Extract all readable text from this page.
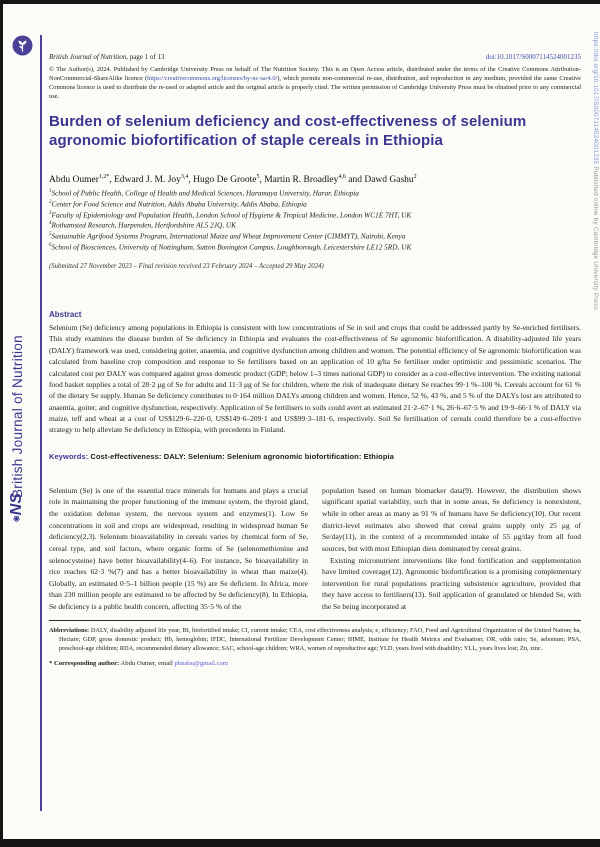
British Journal of Nutrition
❀NS
https://doi.org/10.1017/S0007114524001235 Published online by Cambridge University Press
British Journal of Nutrition, page 1 of 13	doi:10.1017/S0007114524001235
© The Author(s), 2024. Published by Cambridge University Press on behalf of The Nutrition Society. This is an Open Access article, distributed under the terms of the Creative Commons Attribution-NonCommercial-ShareAlike licence (https://creativecommons.org/licenses/by-nc-sa/4.0/), which permits non-commercial re-use, distribution, and reproduction in any medium, provided the same Creative Commons licence is used to distribute the re-used or adapted article and the original article is properly cited. The written permission of Cambridge University Press must be obtained prior to any commercial use.
Burden of selenium deficiency and cost-effectiveness of selenium agronomic biofortification of staple cereals in Ethiopia
Abdu Oumer$^{1,2*}$, Edward J. M. Joy$^{3,4}$, Hugo De Groote$^5$, Martin R. Broadley$^{4,6}$ and Dawd Gashu$^2$
$^1$School of Public Health, College of Health and Medical Sciences, Haramaya University, Harar, Ethiopia
$^2$Center for Food Science and Nutrition, Addis Ababa University, Addis Ababa, Ethiopia
$^3$Faculty of Epidemiology and Population Health, London School of Hygiene & Tropical Medicine, London WC1E 7HT, UK
$^4$Rothamsted Research, Harpenden, Hertfordshire AL5 2JQ, UK
$^5$Sustainable Agrifood Systems Program, International Maize and Wheat Improvement Center (CIMMYT), Nairobi, Kenya
$^6$School of Biosciences, University of Nottingham, Sutton Bonington Campus, Loughborough, Leicestershire LE12 5RD, UK
(Submitted 27 November 2023 – Final revision received 23 February 2024 – Accepted 29 May 2024)
Abstract
Selenium (Se) deficiency among populations in Ethiopia is consistent with low concentrations of Se in soil and crops that could be addressed partly by Se-enriched fertilisers. This study examines the disease burden of Se deficiency in Ethiopia and evaluates the cost-effectiveness of Se agronomic biofortification. A disability-adjusted life years (DALY) framework was used, considering goiter, anaemia, and cognitive dysfunction among children and women. The potential efficiency of Se agronomic biofortification was calculated from baseline crop composition and response to Se fertilisers based on an application of 10 g/ha Se fertiliser under optimistic and pessimistic scenarios. The calculated cost per DALY was compared against gross domestic product (GDP; below 1–3 times national GDP) to consider as a cost-effective intervention. The existing national food basket supplies a total of 28·2 μg of Se for adults and 11·3 μg of Se for children, where the risk of inadequate dietary Se reaches 99·1 %–100 %. Cereals account for 61 % of the dietary Se supply. Human Se deficiency contributes to 0·164 million DALYs among children and women. Hence, 52 %, 43 %, and 5 % of the DALYs lost are attributed to anaemia, goiter, and cognitive dysfunction, respectively. Application of Se fertilisers to soils could avert an estimated 21·2–67·1 %, 26·6–67·5 % and 19·9–66·1 % of DALY via maize, teff and wheat at a cost of US$129·6–226·0, US$149·6–209·1 and US$99·3–181·6, respectively. Soil Se fertilisation of cereals could therefore be a cost-effective strategy to help alleviate Se deficiency in Ethiopia, with precedents in Finland.
Keywords: Cost-effectiveness: DALY: Selenium: Selenium agronomic biofortification: Ethiopia

Selenium (Se) is one of the essential trace minerals for humans and plays a crucial role in maintaining the proper functioning of the immune system, the thyroid gland, the oxidation defense system, the nervous system and enzymes(1). Low Se concentrations in soil and crops are widespread, resulting in widespread human Se deficiency(2,3). Selenium bioavailability in cereals varies by chemical form of Se, cereal type, and soil factors, where organic forms of Se (selenomethionine and selenocysteine) have better bioavailability(4–6). For instance, Se bioavailability in rice reaches 62·3 %(7) and has a better bioavailability in wheat than maize(4). Globally, an estimated 0·5–1 billion people (15 %) are Se deficient. In Africa, more than 230 million people are estimated to be affected by Se deficiency(8). In Ethiopia, Se deficiency is a public health concern, affecting 35·5 % of the

population based on human biomarker data(9). However, the distribution shows significant spatial variability, such that in some areas, Se deficiency is nonexistent, while in other areas as many as 91 % of humans have Se deficiency(10). Our recent district-level estimates also showed that cereal grains supply only 25 μg of Se/day(11), in the context of a recommended intake of 55 μg/day from all food sources, but with most Ethiopian diets dominated by cereal grains.

Existing micronutrient interventions like food fortification and supplementation have limited coverage(12). Agronomic biofortification is a promising complementary intervention for rural populations practicing subsistence agriculture, provided that they have access to fertilisers(13). Soil application of granulated or blended Se, with the Se being incorporated at

Abbreviations: DALY, disability adjusted life year; BI, biofortified intake; CI, current intake; CEA, cost effectiveness analysis; e, efficiency; FAO, Food and Agricultural Organization of the United Nation; ha, Hectare; GDP, gross domestic product; Hb, hemoglobin; IFDC, International Fertilizer Development Center; IHME, Institute for Health Metrics and Evaluation; OR, odds ratio; Se, selenium; PSA, preschool-age children; RDA, recommended dietary allowance; SAC, school-age children; WRA, women of reproductive age; YLD, years lived with disability; YLL, years lives lost; Zn, zinc.
* Corresponding author: Abdu Oumer, email phnabu@gmail.com
